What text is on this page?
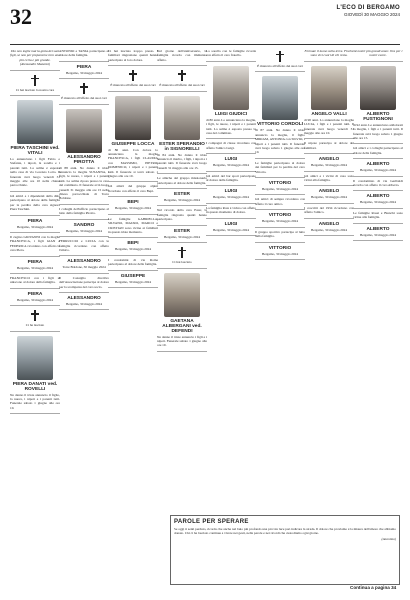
32	L'ECO DI BERGAMO
GIOVEDÌ 30 MAGGIO 2024
Dio non toglie mai la gioia dei suoi figli, se non per prepararne loro una più certa e più grande.
(Alessandro Manzoni)
Ci hai lasciato la nostra cara
PIERA TASCHINI ved. VITALI
Lo annunciano i figli Fabio e Stefania, i nipoti, la sorella e i parenti tutti. La salma è esposta nella casa di via Lorenzo Lotto. Il funerale avrà luogo venerdì 31 maggio alle ore 10 nella chiesa parrocchiale.
Gli amici e i dipendenti della ditta partecipano al dolore della famiglia per la perdita della cara signora Piera Taschini.
PIERA
Bergamo, 30 maggio 2024
Il cugino GIOVANNI con la moglie FRANCESCA, i figli GIAN e FEDERICA ricordano con affetto la cara Piera.
PIERA
Bergamo, 30 maggio 2024
FRANCESCO con i figli si uniscono al dolore della famiglia.
PIERA
Bergamo, 30 maggio 2024
Ci ha lasciato
PIERA DANATI ved. ROVELLI
Ne danno il triste annuncio il figlio, la nuora, i nipoti e i parenti tutti. Funerale sabato 1 giugno alle ore 10.
ANTONIO e TANIA partecipano al dolore della famiglia.
PIERA
Bergamo, 30 maggio 2024
È mancato all'affetto dei suoi cari
ALESSANDRO PIROTTA
di 88 anni. Ne danno il triste annuncio la moglie SUSANNA, i figli, le nuore, i nipoti e i parenti tutti. La salma riposa presso la casa del commiato. Il funerale avrà luogo venerdì 31 maggio alle ore 15 nella chiesa parrocchiale di Torre Boldone.
I colleghi dell'ufficio partecipano al lutto della famiglia Pirotta.
SANDRO
Bergamo, 30 maggio 2024
FERRUCCIO e LUCIA con le famiglie ricordano con affetto l'amico.
ALESSANDRO
Torre Boldone, 30 maggio 2024
Il Consiglio direttivo dell'Associazione partecipa al dolore per la scomparsa del caro socio.
ALESSANDRO
Bergamo, 30 maggio 2024
Ci hai lasciato troppo presto. I familiari ringraziano quanti hanno partecipato al loro dolore.
È mancata all'affetto dei suoi cari
GIUSEPPE LOCCA
di 86 anni. Con dolore lo annunciano la moglie FRANCESCA, i figli CLAUDIA con MASSIMO, PIETRO, DOMENICO, i nipoti e i parenti tutti. Il funerale si terrà sabato 1 giugno alle ore 10.
Gli amici del gruppo alpini ricordano con affetto il caro Bepi.
BEPI
Bergamo, 30 maggio 2024
Le famiglie GABRIELLA, SILVANO, MAURO, MARCO e CRISTIAN sono vicine ai familiari in questo triste momento.
BEPI
Bergamo, 30 maggio 2024
I condomini di via Roma partecipano al dolore della famiglia.
GIUSEPPE
Bergamo, 30 maggio 2024
Nel giorno dell'anniversario, la famiglia ricorda con immutato affetto.
È mancata all'affetto dei suoi cari
ESTER SPERANDIO in SIGNORELLI
di 84 anni. Ne danno il triste annuncio il marito, i figli, i nipoti e i parenti tutti. Il funerale avrà luogo venerdì 31 maggio alle ore 15.
Le amiche del gruppo missionario partecipano al dolore della famiglia.
ESTER
Bergamo, 30 maggio 2024
Nel ricordo della cara Ester, la famiglia ringrazia quanti hanno partecipato.
ESTER
Bergamo, 30 maggio 2024
Ci hai lasciato
GAETANA ALBERGANI ved. DEFENDI
Ne danno il triste annuncio i figli e i nipoti. Funerale sabato 1 giugno alle ore 10.
La sorella con le famiglie ricorda con affetto il caro fratello.
LUIGI GIUDICI
di 80 anni. Lo annunciano la moglie, i figli, le nuore, i nipoti e i parenti tutti. La salma è esposta presso la casa del commiato.
I compagni di classe ricordano con affetto l'amico Luigi.
LUIGI
Bergamo, 30 maggio 2024
Gli amici del bar sport partecipano al dolore della famiglia.
LUIGI
Bergamo, 30 maggio 2024
La famiglia Rota è vicina con affetto in questo momento di dolore.
LUIGI
Bergamo, 30 maggio 2024
È mancato all'affetto dei suoi cari
VITTORIO CORDOLI
di 87 anni. Ne danno il triste annuncio la moglie, il figlio MIRIAM, ANTONIA con SILVIO, i nipoti e i parenti tutti. Il funerale avrà luogo sabato 1 giugno alle ore 10.
Le famiglie partecipano al dolore dei familiari per la perdita del caro Vittorio.
VITTORIO
Bergamo, 30 maggio 2024
Gli amici di sempre ricordano con affetto il caro amico.
VITTORIO
Bergamo, 30 maggio 2024
Il gruppo sportivo partecipa al lutto della famiglia.
VITTORIO
Bergamo, 30 maggio 2024
Fermate il tuono sulla terra. Finché sono vivi cuori di chi resta.
ANGELO VALLI
di 90 anni. Lo annunciano la moglie LUCIA, i figli e i parenti tutti. Il funerale avrà luogo venerdì 31 maggio alle ore 10.
Il nipote partecipa al dolore dei familiari.
ANGELO
Bergamo, 30 maggio 2024
Gli amici e i vicini di casa sono vicini alla famiglia.
ANGELO
Bergamo, 30 maggio 2024
I coscritti del 1934 ricordano con affetto l'amico.
ANGELO
Bergamo, 30 maggio 2024
Ai nostri più grandi amor. Ora per i nostri cuore.
ALBERTO FUSTIGNONI
di 92 anni. Le annunciano addolorati la moglie, i figli e i parenti tutti. Il funerale avrà luogo sabato 1 giugno alle ore 15.
Gli amici e i colleghi partecipano al dolore della famiglia.
ALBERTO
Bergamo, 30 maggio 2024
Il condominio di via Garibaldi ricorda con affetto il caro Alberto.
ALBERTO
Bergamo, 30 maggio 2024
Le famiglie Rossi e Bianchi sono vicine alla famiglia.
ALBERTO
Bergamo, 30 maggio 2024
PAROLE PER SPERARE
Se oggi ti senti perduto, ricorda che anche nel buio più profondo una piccola luce può indicare la strada. Il dolore che proviamo è la misura dell'amore che abbiamo donato. Chi ci ha lasciato continua a vivere nei gesti, nelle parole e nei ricordi che custodiamo ogni giorno.
(Anonimo)
Continua a pagina 34
